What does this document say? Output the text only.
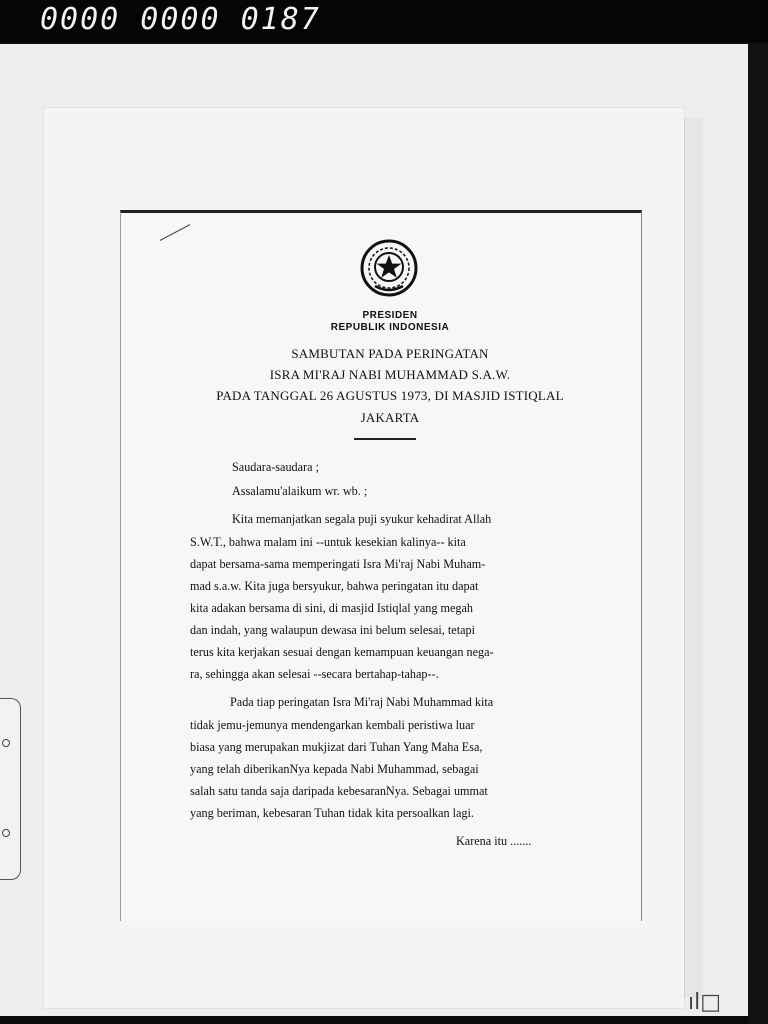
0000 0000 0187
PRESIDEN
REPUBLIK INDONESIA
SAMBUTAN PADA PERINGATAN
ISRA MI'RAJ NABI MUHAMMAD S.A.W.
PADA TANGGAL 26 AGUSTUS 1973, DI MASJID ISTIQLAL
JAKARTA
Saudara-saudara ;
Assalamu'alaikum wr. wb. ;
Kita memanjatkan segala puji syukur kehadirat Allah
S.W.T., bahwa malam ini --untuk kesekian kalinya-- kita
dapat bersama-sama memperingati Isra Mi'raj Nabi Muham-
mad s.a.w. Kita juga bersyukur, bahwa peringatan itu dapat
kita adakan bersama di sini, di masjid Istiqlal yang megah
dan indah, yang walaupun dewasa ini belum selesai, tetapi
terus kita kerjakan sesuai dengan kemampuan keuangan nega-
ra, sehingga akan selesai --secara bertahap-tahap--.
Pada tiap peringatan Isra Mi'raj Nabi Muhammad kita
tidak jemu-jemunya mendengarkan kembali peristiwa luar
biasa yang merupakan mukjizat dari Tuhan Yang Maha Esa,
yang telah diberikanNya kepada Nabi Muhammad, sebagai
salah satu tanda saja daripada kebesaranNya. Sebagai ummat
yang beriman, kebesaran Tuhan tidak kita persoalkan lagi.
Karena itu .......
ıl□
